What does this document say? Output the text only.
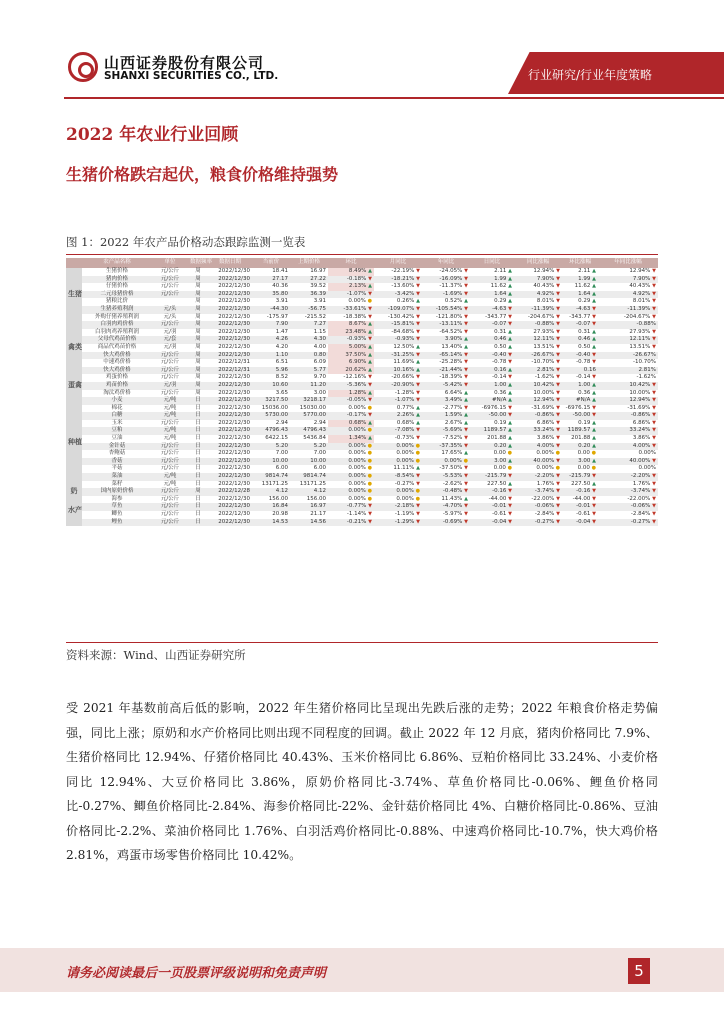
山西证券股份有限公司
SHANXI SECURITIES CO., LTD.	行业研究/行业年度策略
2022 年农业行业回顾
生猪价格跌宕起伏，粮食价格维持强势
图 1：2022 年农产品价格动态跟踪监测一览表
	农产品名称	单位	数据频率	数据日期	当前价	上期价格	环比	月同比	年同比	日同比	同比涨幅	环比涨幅	年同比涨幅
生猪	生猪价格	元/公斤	周	2022/12/30	18.41	16.97	8.49% ▲	-22.19% ▼	-24.05% ▼	2.11 ▲	12.94% ▼	2.11 ▲	12.94% ▼
	猪肉价格	元/公斤	周	2022/12/30	27.17	27.22	-0.18% ▼	-18.21% ▼	-16.09% ▼	1.99 ▲	7.90% ▼	1.99 ▲	7.90% ▼
	仔猪价格	元/公斤	周	2022/12/30	40.36	39.52	2.13% ▲	-13.60% ▼	-11.37% ▼	11.62 ▲	40.43% ▼	11.62 ▲	40.43% ▼
	二元母猪价格	元/公斤	周	2022/12/30	35.80	36.39	-1.07% ▼	-3.42% ▼	-1.69% ▼	1.64 ▲	4.92% ▼	1.64 ▲	4.92% ▼
	猪粮比价		周	2022/12/30	3.91	3.91	0.00% ●	0.26% ▲	0.52% ▲	0.29 ▲	8.01% ▼	0.29 ▲	8.01% ▼
	生猪养殖利润	元/头	周	2022/12/30	-44.30	-56.75	-33.61% ▼	-109.07% ▼	-105.54% ▼	-4.63 ▼	-11.39% ▼	-4.63 ▼	-11.39% ▼
	外购仔猪养殖利润	元/头	周	2022/12/30	-175.97	-215.52	-18.38% ▼	-130.42% ▼	-121.80% ▼	-343.77 ▼	-204.67% ▼	-343.77 ▼	-204.67% ▼
禽类	白羽肉鸡价格	元/公斤	周	2022/12/30	7.90	7.27	8.67% ▲	-15.81% ▼	-13.11% ▼	-0.07 ▼	-0.88% ▼	-0.07 ▼	-0.88%
	白羽肉鸡养殖利润	元/羽	周	2022/12/30	1.47	1.15	23.48% ▲	-84.68% ▼	-64.52% ▼	0.31 ▲	27.93% ▼	0.31 ▲	27.93% ▼
	父母代鸡苗价格	元/套	周	2022/12/30	4.26	4.30	-0.93% ▼	-0.93% ▼	3.90% ▲	0.46 ▲	12.11% ▼	0.46 ▲	12.11% ▼
	商品代鸡苗价格	元/羽	周	2022/12/30	4.20	4.00	5.00% ▲	12.50% ▲	13.40% ▲	0.50 ▲	13.51% ▼	0.50 ▲	13.51% ▼
	快大鸡价格	元/公斤	周	2022/12/30	1.10	0.80	37.50% ▲	-31.25% ▼	-65.14% ▼	-0.40 ▼	-26.67% ▼	-0.40 ▼	-26.67%
	中速鸡价格	元/公斤	周	2022/12/31	6.51	6.09	6.90% ▲	11.69% ▲	-25.28% ▼	-0.78 ▼	-10.70% ▼	-0.78 ▼	-10.70%
	快大鸡价格	元/公斤	周	2022/12/31	5.96	5.77	20.62% ▲	10.16% ▲	-21.44% ▼	0.16 ▲	2.81% ▼	0.16	2.81%
蛋禽	鸡蛋价格	元/公斤	周	2022/12/30	8.52	9.70	-12.16% ▼	-20.66% ▼	-18.39% ▼	-0.14 ▼	-1.62% ▼	-0.14 ▼	-1.62%
	鸡苗价格	元/羽	周	2022/12/30	10.60	11.20	-5.36% ▼	-20.90% ▼	-5.42% ▼	1.00 ▲	10.42% ▼	1.00 ▲	10.42% ▼
	淘汰鸡价格	元/公斤	周	2022/12/30	3.65	3.00	1.28% ▲	-1.28% ▼	6.64% ▲	0.36 ▲	10.00% ▼	0.36 ▲	10.00% ▼
种植	小麦	元/吨	日	2022/12/30	3217.50	3218.17	-0.05% ▼	-1.07% ▼	3.49% ▲	#N/A ▲	12.94% ▼	#N/A ▲	12.94% ▼
	棉花	元/吨	日	2022/12/30	15036.00	15030.00	0.00% ●	0.77% ▲	-2.77% ▼	-6976.15 ▼	-31.69% ▼	-6976.15 ▼	-31.69% ▼
	白糖	元/吨	日	2022/12/30	5730.00	5770.00	-0.17% ▼	2.26% ▲	1.59% ▲	-50.00 ▼	-0.86% ▼	-50.00 ▼	-0.86% ▼
	玉米	元/公斤	日	2022/12/30	2.94	2.94	0.68% ▲	0.68% ▲	2.67% ▲	0.19 ▲	6.86% ▼	0.19 ▲	6.86% ▼
	豆粕	元/吨	日	2022/12/30	4796.43	4796.43	0.00% ●	-7.08% ▼	-5.69% ▼	1189.57 ▲	33.24% ▼	1189.57 ▲	33.24% ▼
	豆油	元/吨	日	2022/12/30	6422.15	5436.84	1.34% ▲	-0.73% ▼	-7.52% ▼	201.88 ▲	3.86% ▼	201.88 ▲	3.86% ▼
	金针菇	元/公斤	日	2022/12/30	5.20	5.20	0.00% ●	0.00% ●	-37.35% ▼	0.20 ▲	4.00% ▼	0.20 ▲	4.00% ▼
	杏鲍菇	元/公斤	日	2022/12/30	7.00	7.00	0.00% ●	0.00% ●	17.65% ▲	0.00 ●	0.00% ●	0.00 ●	0.00%
	香菇	元/公斤	日	2022/12/30	10.00	10.00	0.00% ●	0.00% ●	0.00% ●	3.00 ▲	40.00% ▼	3.00 ▲	40.00% ▼
	平菇	元/公斤	日	2022/12/30	6.00	6.00	0.00% ●	11.11% ▲	-37.50% ▼	0.00 ●	0.00% ●	0.00 ●	0.00%
	菜油	元/吨	日	2022/12/30	9814.74	9814.74	0.00% ●	-8.54% ▼	-5.53% ▼	-215.79 ▼	-2.20% ▼	-215.79 ▼	-2.20% ▼
	菜籽	元/吨	日	2022/12/30	13171.25	13171.25	0.00% ●	-0.27% ▼	-2.62% ▼	227.50 ▲	1.76% ▼	227.50 ▲	1.76% ▼
奶	国内原奶价格	元/公斤	周	2022/12/28	4.12	4.12	0.00% ●	0.00% ●	-0.48% ▼	-0.16 ▼	-3.74% ▼	-0.16 ▼	-3.74% ▼
水产	海参	元/公斤	日	2022/12/30	156.00	156.00	0.00% ●	0.00% ●	11.43% ▲	-44.00 ▼	-22.00% ▼	-44.00 ▼	-22.00% ▼
	草鱼	元/公斤	日	2022/12/30	16.84	16.97	-0.77% ▼	-2.18% ▼	-4.70% ▼	-0.01 ▼	-0.06% ▼	-0.01 ▼	-0.06% ▼
	鲫鱼	元/公斤	日	2022/12/30	20.98	21.17	-1.14% ▼	-1.19% ▼	-5.97% ▼	-0.61 ▼	-2.84% ▼	-0.61 ▼	-2.84% ▼
	鲤鱼	元/公斤	日	2022/12/30	14.53	14.56	-0.21% ▼	-1.29% ▼	-0.69% ▼	-0.04 ▼	-0.27% ▼	-0.04 ▼	-0.27% ▼
资料来源：Wind、山西证券研究所
受 2021 年基数前高后低的影响，2022 年生猪价格同比呈现出先跌后涨的走势；2022 年粮食价格走势偏强，同比上涨；原奶和水产价格同比则出现不同程度的回调。截止 2022 年 12 月底，猪肉价格同比 7.9%、生猪价格同比 12.94%、仔猪价格同比 40.43%、玉米价格同比 6.86%、豆粕价格同比 33.24%、小麦价格同比 12.94%、大豆价格同比 3.86%，原奶价格同比-3.74%、草鱼价格同比-0.06%、鲤鱼价格同比-0.27%、鲫鱼价格同比-2.84%、海参价格同比-22%、金针菇价格同比 4%、白糖价格同比-0.86%、豆油价格同比-2.2%、菜油价格同比 1.76%、白羽活鸡价格同比-0.88%、中速鸡价格同比-10.7%，快大鸡价格 2.81%，鸡蛋市场零售价格同比 10.42%。
请务必阅读最后一页股票评级说明和免责声明	5
